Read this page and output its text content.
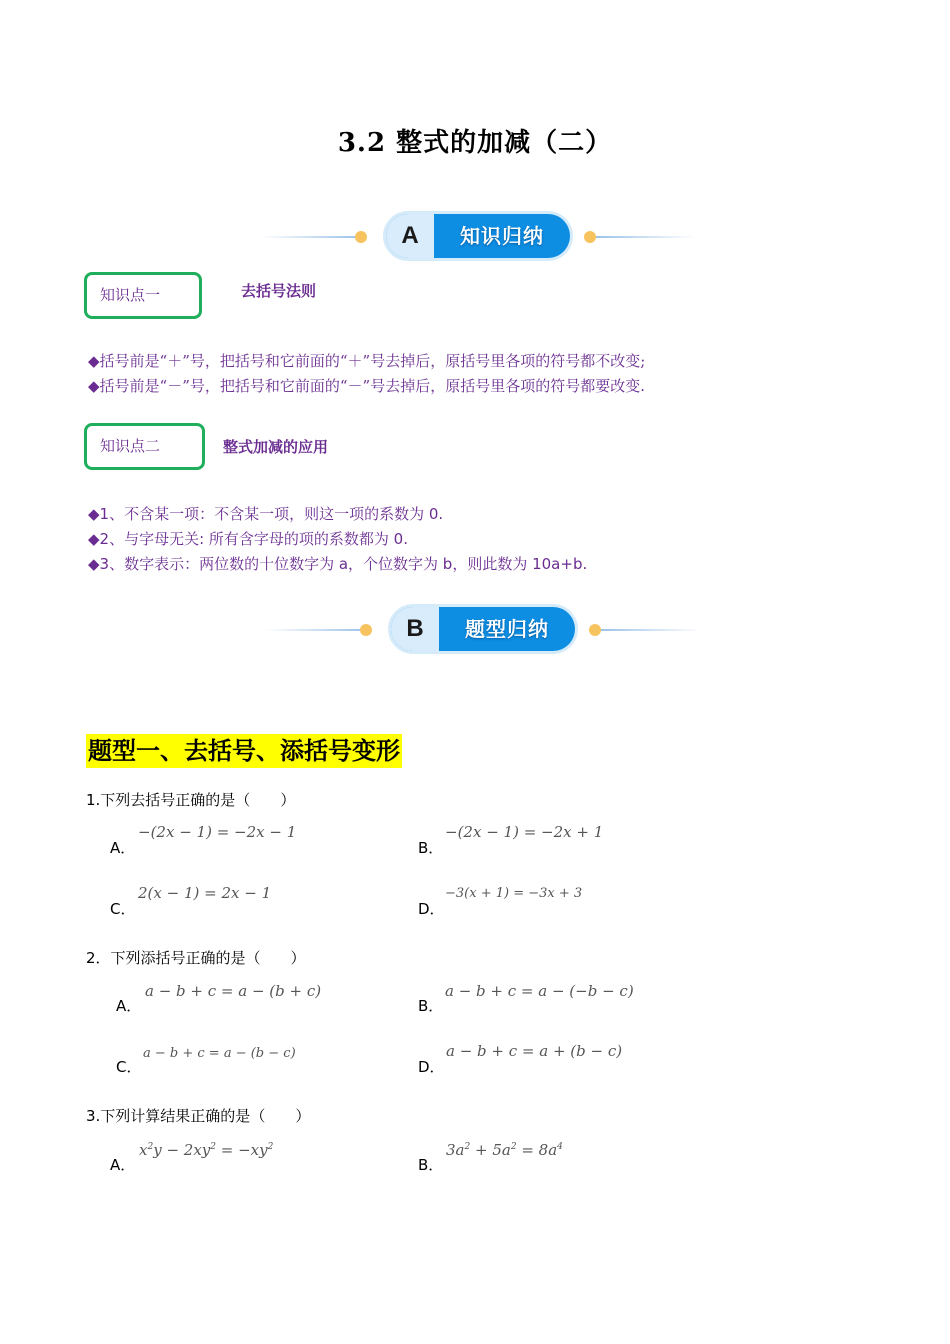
3.2 整式的加减（二）
A	知识归纳
知识点一	去括号法则
◆括号前是“＋”号，把括号和它前面的“＋”号去掉后，原括号里各项的符号都不改变;
◆括号前是“－”号，把括号和它前面的“－”号去掉后，原括号里各项的符号都要改变.
知识点二	整式加减的应用
◆1、不含某一项：不含某一项，则这一项的系数为 0.
◆2、与字母无关: 所有含字母的项的系数都为 0.
◆3、数字表示：两位数的十位数字为 a，个位数字为 b，则此数为 10a+b.
B	题型归纳
题型一、去括号、添括号变形
1.下列去括号正确的是（　　）
A．
−(2x − 1) = −2x − 1
B．
−(2x − 1) = −2x + 1
C．
2(x − 1) = 2x − 1
D．
−3(x + 1) = −3x + 3
2．下列添括号正确的是（　　）
A．
a − b + c = a − (b + c)
B．
a − b + c = a − (−b − c)
C．
a − b + c = a − (b − c)
D．
a − b + c = a + (b − c)
3.下列计算结果正确的是（　　）
A．
$x^2y - 2xy^2 = -xy^2$
B．
$3a^2 + 5a^2 = 8a^4$
